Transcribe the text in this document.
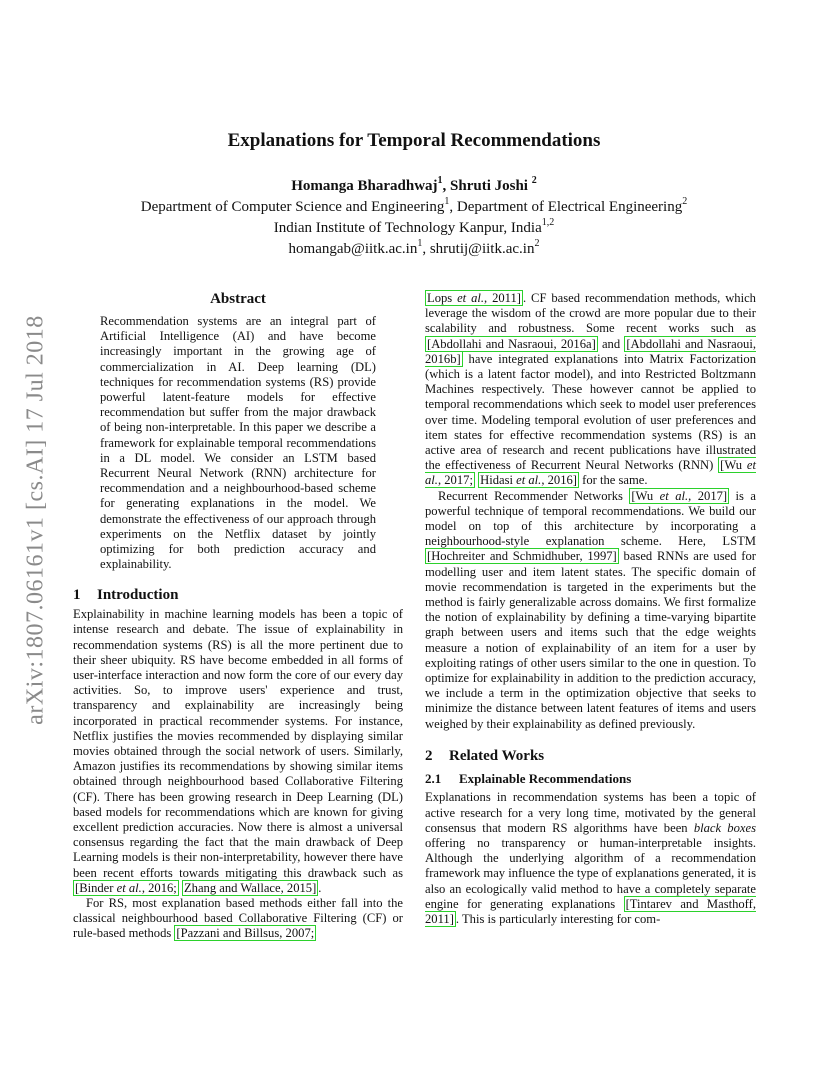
arXiv:1807.06161v1 [cs.AI] 17 Jul 2018
Explanations for Temporal Recommendations
Homanga Bharadhwaj$^1$, Shruti Joshi $^2$
Department of Computer Science and Engineering$^1$, Department of Electrical Engineering$^2$
Indian Institute of Technology Kanpur, India$^{1,2}$
$homangab@iitk.ac.in^1$, $shrutij@iitk.ac.in^2$
Abstract

Recommendation systems are an integral part of Artificial Intelligence (AI) and have become increasingly important in the growing age of commercialization in AI. Deep learning (DL) techniques for recommendation systems (RS) provide powerful latent-feature models for effective recommendation but suffer from the major drawback of being non-interpretable. In this paper we describe a framework for explainable temporal recommendations in a DL model. We consider an LSTM based Recurrent Neural Network (RNN) architecture for recommendation and a neighbourhood-based scheme for generating explanations in the model. We demonstrate the effectiveness of our approach through experiments on the Netflix dataset by jointly optimizing for both prediction accuracy and explainability.

1 Introduction

Explainability in machine learning models has been a topic of intense research and debate. The issue of explainability in recommendation systems (RS) is all the more pertinent due to their sheer ubiquity. RS have become embedded in all forms of user-interface interaction and now form the core of our every day activities. So, to improve users' experience and trust, transparency and explainability are increasingly being incorporated in practical recommender systems. For instance, Netflix justifies the movies recommended by displaying similar movies obtained through the social network of users. Similarly, Amazon justifies its recommendations by showing similar items obtained through neighbourhood based Collaborative Filtering (CF). There has been growing research in Deep Learning (DL) based models for recommendations which are known for giving excellent prediction accuracies. Now there is almost a universal consensus regarding the fact that the main drawback of Deep Learning models is their non-interpretability, however there have been recent efforts towards mitigating this drawback such as [Binder et al., 2016; Zhang and Wallace, 2015] .

For RS, most explanation based methods either fall into the classical neighbourhood based Collaborative Filtering (CF) or rule-based methods [Pazzani and Billsus, 2007;

Lops et al., 2011] . CF based recommendation methods, which leverage the wisdom of the crowd are more popular due to their scalability and robustness. Some recent works such as [Abdollahi and Nasraoui, 2016a] and [Abdollahi and Nasraoui, 2016b] have integrated explanations into Matrix Factorization (which is a latent factor model), and into Restricted Boltzmann Machines respectively. These however cannot be applied to temporal recommendations which seek to model user preferences over time. Modeling temporal evolution of user preferences and item states for effective recommendation systems (RS) is an active area of research and recent publications have illustrated the effectiveness of Recurrent Neural Networks (RNN) [Wu et al., 2017; Hidasi et al., 2016] for the same.

Recurrent Recommender Networks [Wu et al., 2017] is a powerful technique of temporal recommendations. We build our model on top of this architecture by incorporating a neighbourhood-style explanation scheme. Here, LSTM [Hochreiter and Schmidhuber, 1997] based RNNs are used for modelling user and item latent states. The specific domain of movie recommendation is targeted in the experiments but the method is fairly generalizable across domains. We first formalize the notion of explainability by defining a time-varying bipartite graph between users and items such that the edge weights measure a notion of explainability of an item for a user by exploiting ratings of other users similar to the one in question. To optimize for explainability in addition to the prediction accuracy, we include a term in the optimization objective that seeks to minimize the distance between latent features of items and users weighed by their explainability as defined previously.

2 Related Works
2.1 Explainable Recommendations

Explanations in recommendation systems has been a topic of active research for a very long time, motivated by the general consensus that modern RS algorithms have been black boxes offering no transparency or human-interpretable insights. Although the underlying algorithm of a recommendation framework may influence the type of explanations generated, it is also an ecologically valid method to have a completely separate engine for generating explanations [Tintarev and Masthoff, 2011] . This is particularly interesting for com-
